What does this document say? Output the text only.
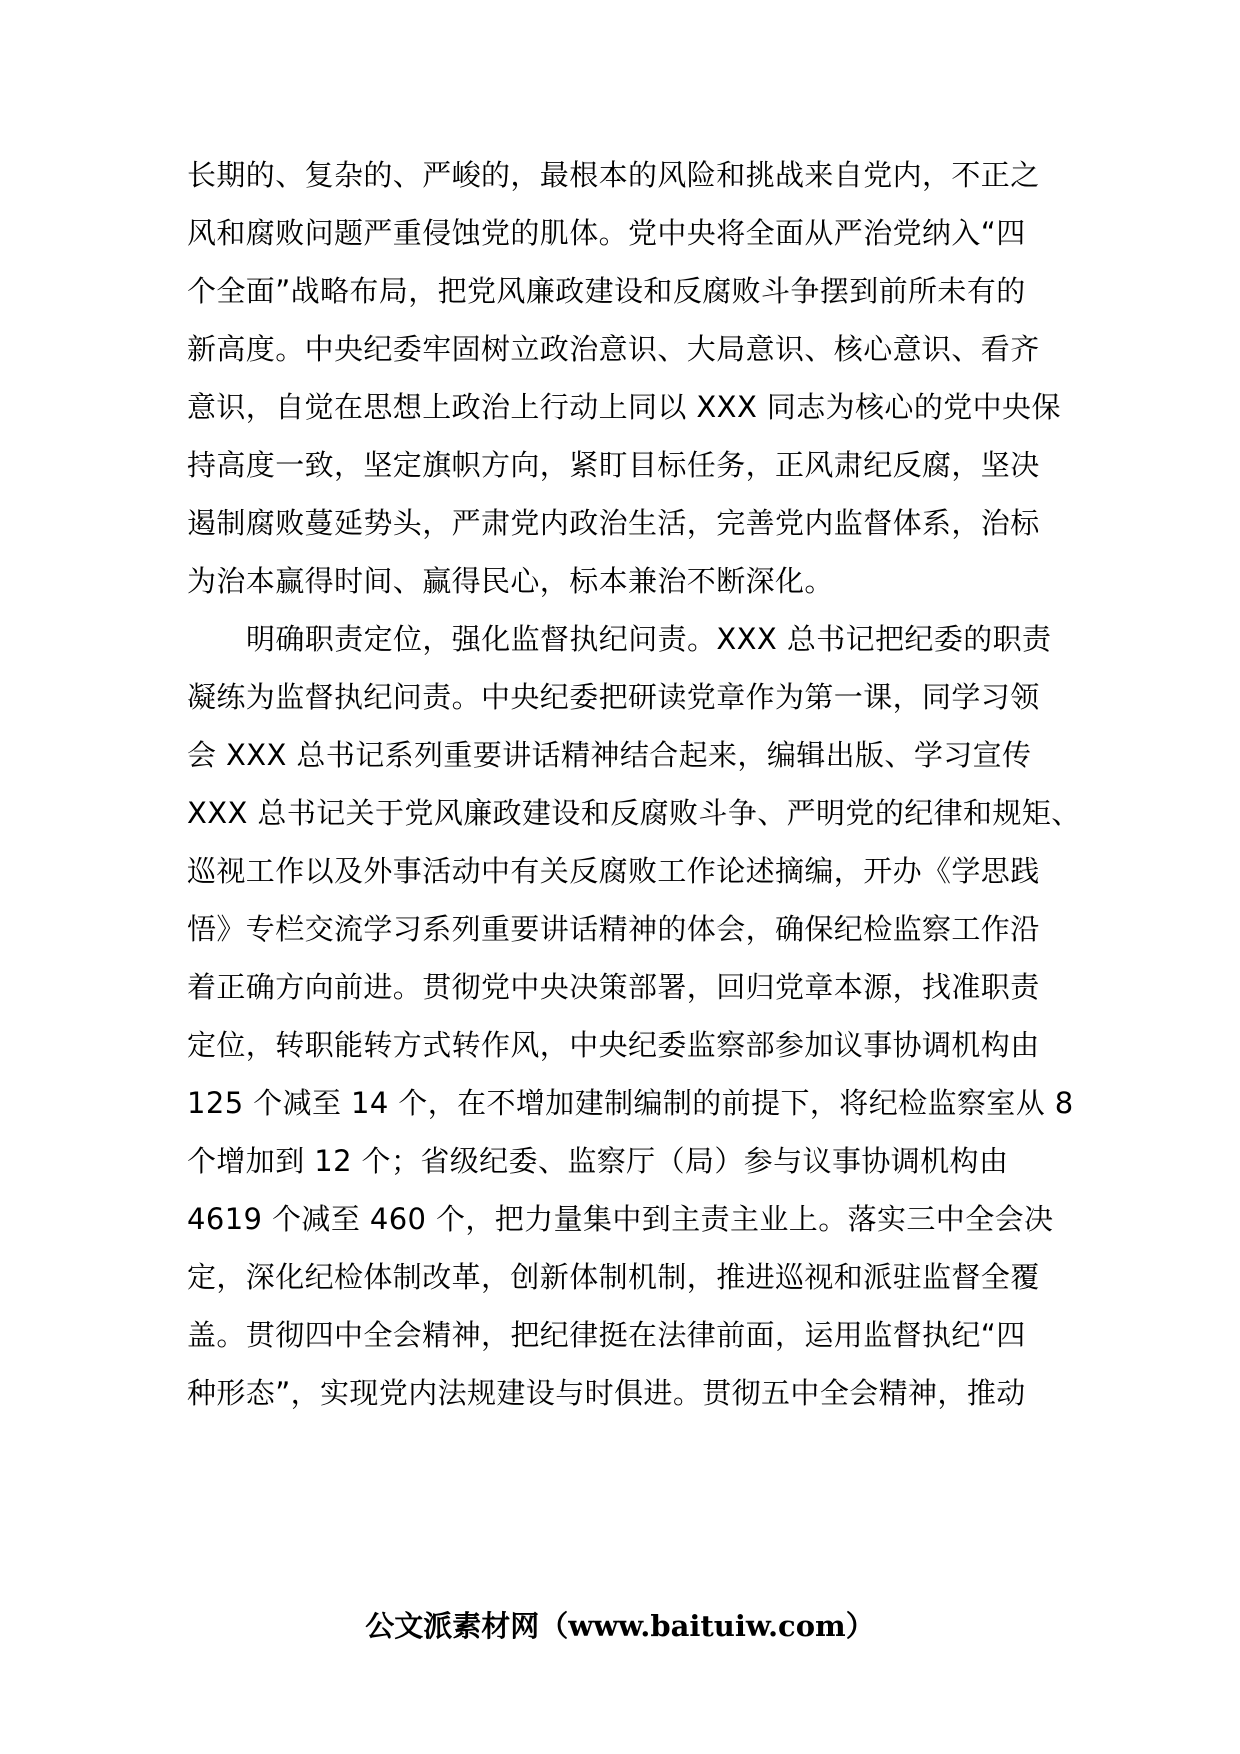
长期的、复杂的、严峻的，最根本的风险和挑战来自党内，不正之
风和腐败问题严重侵蚀党的肌体。党中央将全面从严治党纳入“四
个全面”战略布局，把党风廉政建设和反腐败斗争摆到前所未有的
新高度。中央纪委牢固树立政治意识、大局意识、核心意识、看齐
意识，自觉在思想上政治上行动上同以 XXX 同志为核心的党中央保
持高度一致，坚定旗帜方向，紧盯目标任务，正风肃纪反腐，坚决
遏制腐败蔓延势头，严肃党内政治生活，完善党内监督体系，治标
为治本赢得时间、赢得民心，标本兼治不断深化。
明确职责定位，强化监督执纪问责。XXX 总书记把纪委的职责
凝练为监督执纪问责。中央纪委把研读党章作为第一课，同学习领
会 XXX 总书记系列重要讲话精神结合起来，编辑出版、学习宣传
XXX 总书记关于党风廉政建设和反腐败斗争、严明党的纪律和规矩、
巡视工作以及外事活动中有关反腐败工作论述摘编，开办《学思践
悟》专栏交流学习系列重要讲话精神的体会，确保纪检监察工作沿
着正确方向前进。贯彻党中央决策部署，回归党章本源，找准职责
定位，转职能转方式转作风，中央纪委监察部参加议事协调机构由
125 个减至 14 个，在不增加建制编制的前提下，将纪检监察室从 8
个增加到 12 个；省级纪委、监察厅（局）参与议事协调机构由
4619 个减至 460 个，把力量集中到主责主业上。落实三中全会决
定，深化纪检体制改革，创新体制机制，推进巡视和派驻监督全覆
盖。贯彻四中全会精神，把纪律挺在法律前面，运用监督执纪“四
种形态”，实现党内法规建设与时俱进。贯彻五中全会精神，推动
公文派素材网（www.baituiw.com）
